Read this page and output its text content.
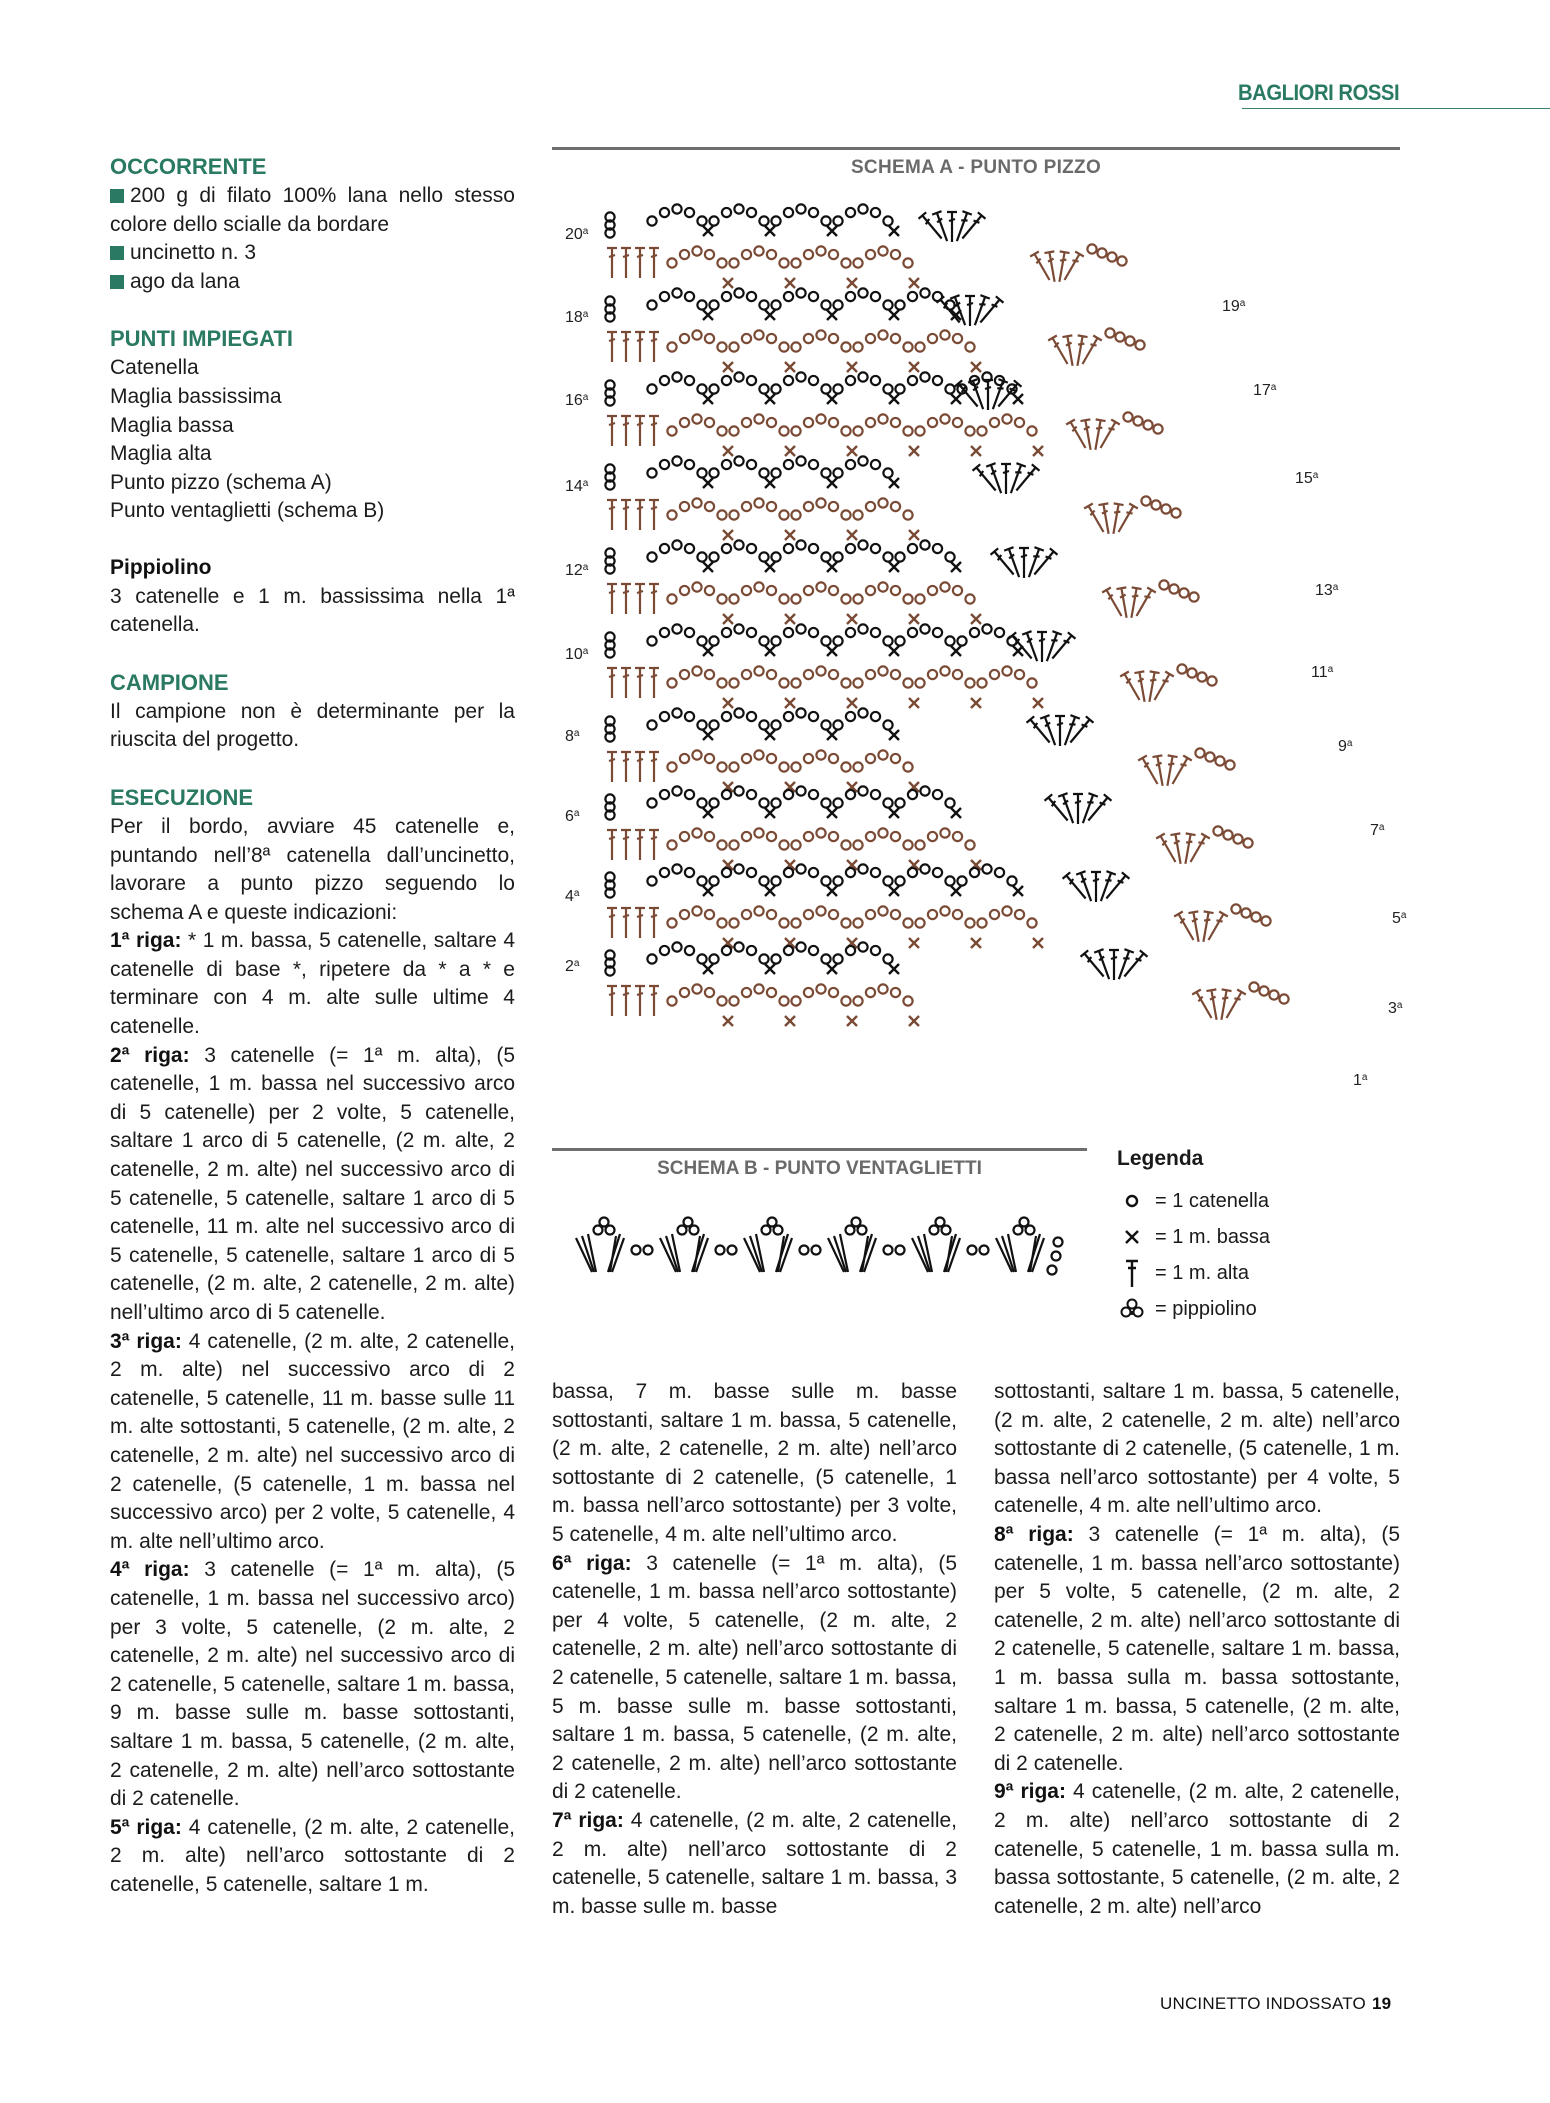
BAGLIORI ROSSI
OCCORRENTE

200 g di filato 100% lana nello stesso colore dello scialle da bordare

uncinetto n. 3

ago da lana

PUNTI IMPIEGATI

Catenella

Maglia bassissima

Maglia bassa

Maglia alta

Punto pizzo (schema A)

Punto ventaglietti (schema B)

Pippiolino

3 catenelle e 1 m. bassissima nella 1ª catenella.

CAMPIONE

Il campione non è determinante per la riuscita del progetto.

ESECUZIONE

Per il bordo, avviare 45 catenelle e, puntando nell’8ª catenella dall’uncinetto, lavorare a punto pizzo seguendo lo schema A e queste indicazioni:

1ª riga: * 1 m. bassa, 5 catenelle, saltare 4 catenelle di base *, ripetere da * a * e terminare con 4 m. alte sulle ultime 4 catenelle.

2ª riga: 3 catenelle (= 1ª m. alta), (5 catenelle, 1 m. bassa nel successivo arco di 5 catenelle) per 2 volte, 5 catenelle, saltare 1 arco di 5 catenelle, (2 m. alte, 2 catenelle, 2 m. alte) nel successivo arco di 5 catenelle, 5 catenelle, saltare 1 arco di 5 catenelle, 11 m. alte nel successivo arco di 5 catenelle, 5 catenelle, saltare 1 arco di 5 catenelle, (2 m. alte, 2 catenelle, 2 m. alte) nell’ultimo arco di 5 catenelle.

3ª riga: 4 catenelle, (2 m. alte, 2 catenelle, 2 m. alte) nel successivo arco di 2 catenelle, 5 catenelle, 11 m. basse sulle 11 m. alte sottostanti, 5 catenelle, (2 m. alte, 2 catenelle, 2 m. alte) nel successivo arco di 2 catenelle, (5 catenelle, 1 m. bassa nel successivo arco) per 2 volte, 5 catenelle, 4 m. alte nell’ultimo arco.

4ª riga: 3 catenelle (= 1ª m. alta), (5 catenelle, 1 m. bassa nel successivo arco) per 3 volte, 5 catenelle, (2 m. alte, 2 catenelle, 2 m. alte) nel successivo arco di 2 catenelle, 5 catenelle, saltare 1 m. bassa, 9 m. basse sulle m. basse sottostanti, saltare 1 m. bassa, 5 catenelle, (2 m. alte, 2 catenelle, 2 m. alte) nell’arco sottostante di 2 catenelle.

5ª riga: 4 catenelle, (2 m. alte, 2 catenelle, 2 m. alte) nell’arco sottostante di 2 catenelle, 5 catenelle, saltare 1 m.

bassa, 7 m. basse sulle m. basse sottostanti, saltare 1 m. bassa, 5 catenelle, (2 m. alte, 2 catenelle, 2 m. alte) nell’arco sottostante di 2 catenelle, (5 catenelle, 1 m. bassa nell’arco sottostante) per 3 volte, 5 catenelle, 4 m. alte nell’ultimo arco.

6ª riga: 3 catenelle (= 1ª m. alta), (5 catenelle, 1 m. bassa nell’arco sottostante) per 4 volte, 5 catenelle, (2 m. alte, 2 catenelle, 2 m. alte) nell’arco sottostante di 2 catenelle, 5 catenelle, saltare 1 m. bassa, 5 m. basse sulle m. basse sottostanti, saltare 1 m. bassa, 5 catenelle, (2 m. alte, 2 catenelle, 2 m. alte) nell’arco sottostante di 2 catenelle.

7ª riga: 4 catenelle, (2 m. alte, 2 catenelle, 2 m. alte) nell’arco sottostante di 2 catenelle, 5 catenelle, saltare 1 m. bassa, 3 m. basse sulle m. basse

sottostanti, saltare 1 m. bassa, 5 catenelle, (2 m. alte, 2 catenelle, 2 m. alte) nell’arco sottostante di 2 catenelle, (5 catenelle, 1 m. bassa nell’arco sottostante) per 4 volte, 5 catenelle, 4 m. alte nell’ultimo arco.

8ª riga: 3 catenelle (= 1ª m. alta), (5 catenelle, 1 m. bassa nell’arco sottostante) per 5 volte, 5 catenelle, (2 m. alte, 2 catenelle, 2 m. alte) nell’arco sottostante di 2 catenelle, 5 catenelle, saltare 1 m. bassa, 1 m. bassa sulla m. bassa sottostante, saltare 1 m. bassa, 5 catenelle, (2 m. alte, 2 catenelle, 2 m. alte) nell’arco sottostante di 2 catenelle.

9ª riga: 4 catenelle, (2 m. alte, 2 catenelle, 2 m. alte) nell’arco sottostante di 2 catenelle, 5 catenelle, 1 m. bassa sulla m. bassa sottostante, 5 catenelle, (2 m. alte, 2 catenelle, 2 m. alte) nell’arco

SCHEMA A - PUNTO PIZZO
20$^a$
18$^a$
16$^a$
14$^a$
12$^a$
10$^a$
8$^a$
6$^a$
4$^a$
2$^a$
19$^a$
17$^a$
15$^a$
13$^a$
11$^a$
9$^a$
7$^a$
5$^a$
3$^a$
1$^a$
SCHEMA B - PUNTO VENTAGLIETTI	Legenda
= 1 catenella
= 1 m. bassa
= 1 m. alta
= pippiolino
UNCINETTO INDOSSATO 19
